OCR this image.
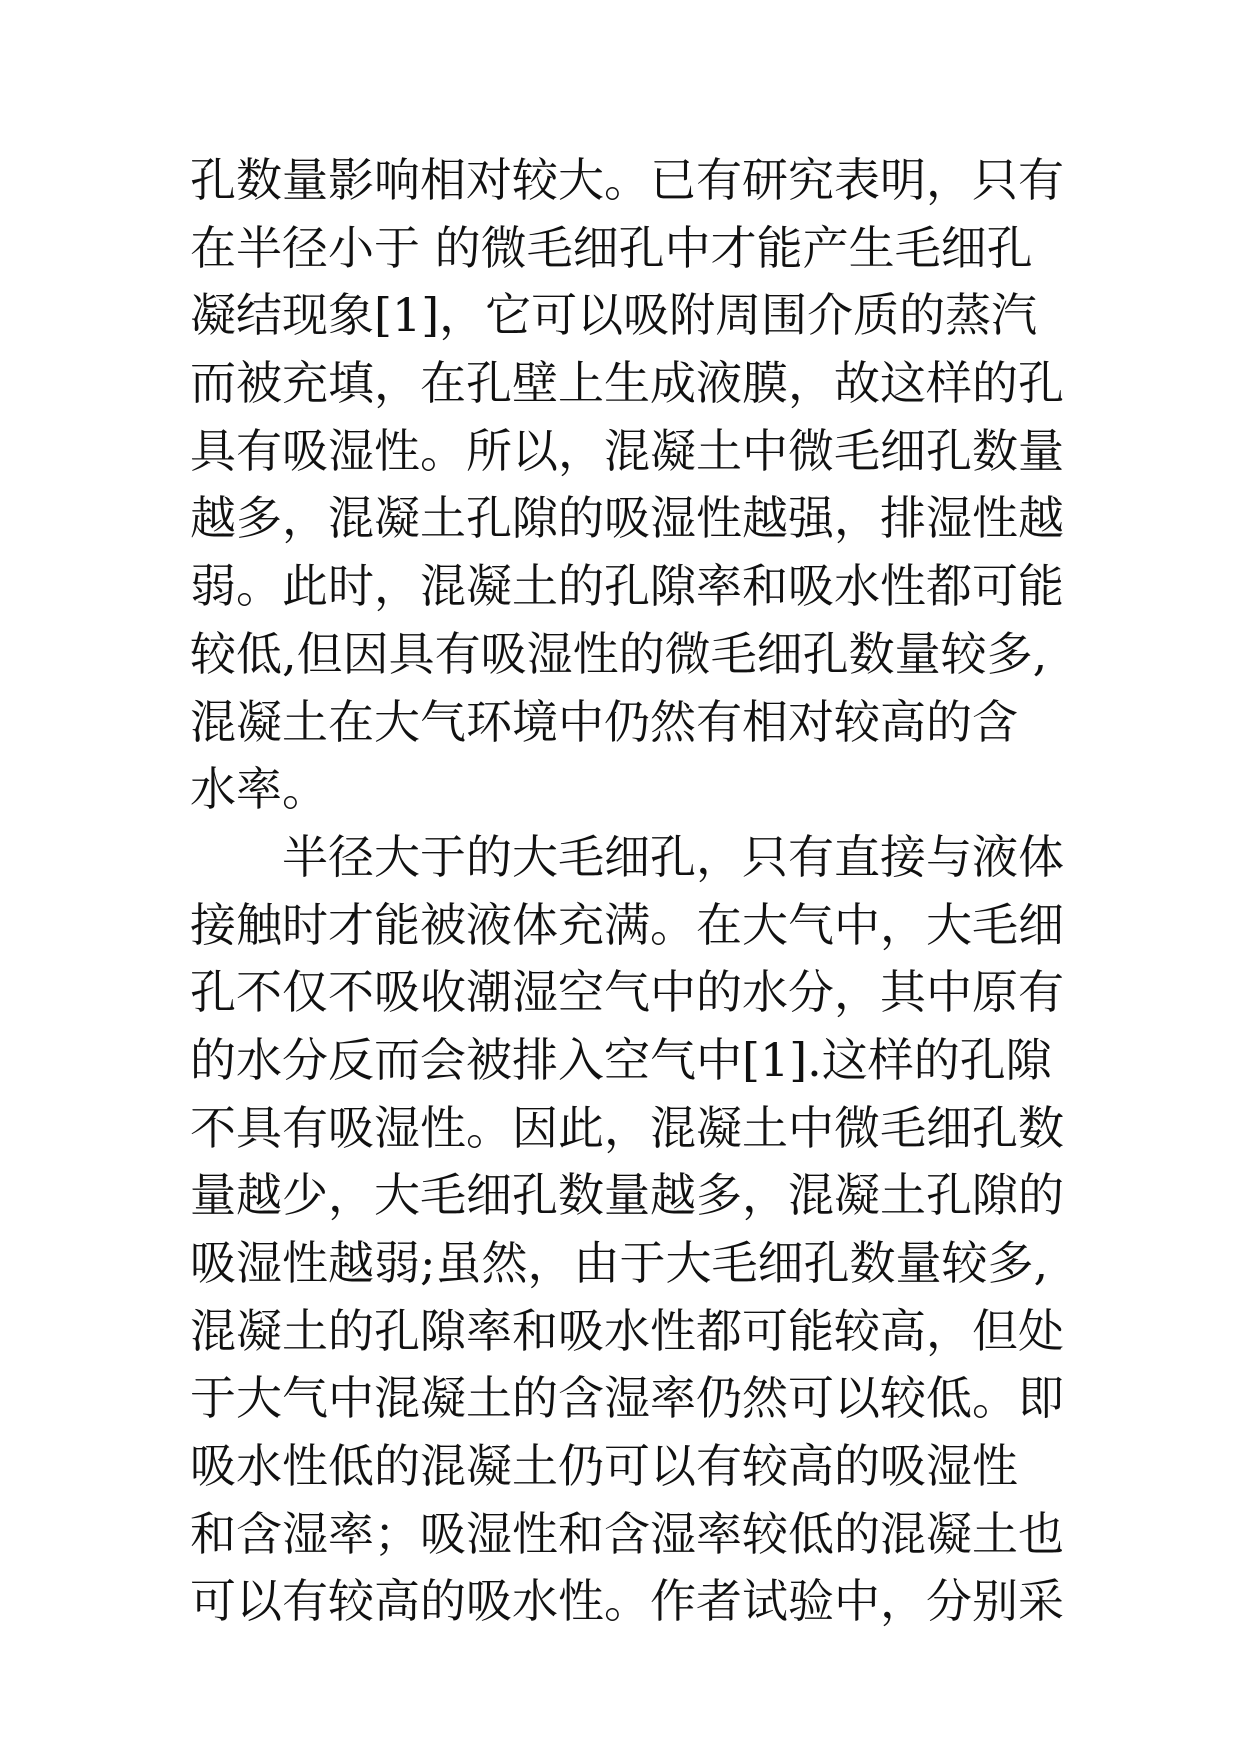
孔数量影响相对较大。已有研究表明，只有
在半径小于 的微毛细孔中才能产生毛细孔
凝结现象[1]，它可以吸附周围介质的蒸汽
而被充填，在孔壁上生成液膜，故这样的孔
具有吸湿性。所以，混凝土中微毛细孔数量
越多，混凝土孔隙的吸湿性越强，排湿性越
弱。此时，混凝土的孔隙率和吸水性都可能
较低,但因具有吸湿性的微毛细孔数量较多,
混凝土在大气环境中仍然有相对较高的含
水率。
半径大于的大毛细孔，只有直接与液体
接触时才能被液体充满。在大气中，大毛细
孔不仅不吸收潮湿空气中的水分，其中原有
的水分反而会被排入空气中[1].这样的孔隙
不具有吸湿性。因此，混凝土中微毛细孔数
量越少，大毛细孔数量越多，混凝土孔隙的
吸湿性越弱;虽然，由于大毛细孔数量较多,
混凝土的孔隙率和吸水性都可能较高，但处
于大气中混凝土的含湿率仍然可以较低。即
吸水性低的混凝土仍可以有较高的吸湿性
和含湿率；吸湿性和含湿率较低的混凝土也
可以有较高的吸水性。作者试验中，分别采
